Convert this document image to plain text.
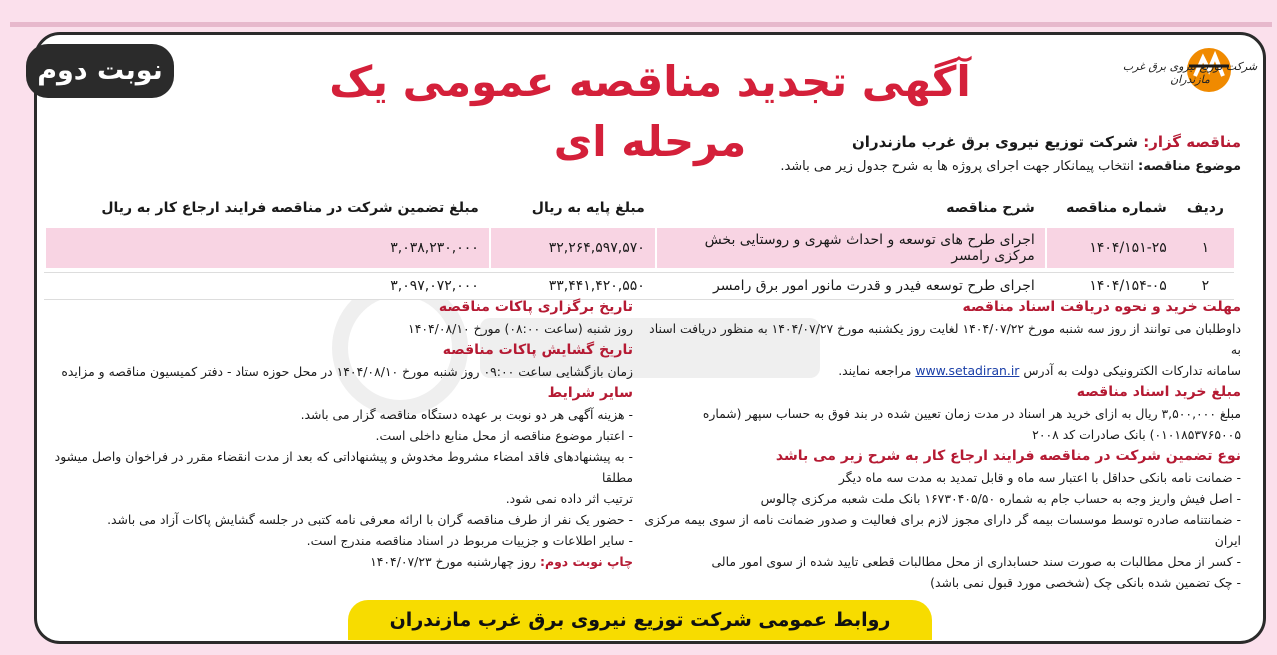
نوبت دوم	آگهی تجدید مناقصه عمومی یک مرحله ای
شرکت توزیع نیروی برق غرب مازندران
مناقصه گزار: شرکت توزیع نیروی برق غرب مازندران
موضوع مناقصه: انتخاب پیمانکار جهت اجرای پروژه ها به شرح جدول زیر می باشد.
ردیف	شماره مناقصه	شرح مناقصه	مبلغ پایه به ریال	مبلغ تضمین شرکت در مناقصه فرایند ارجاع کار به ریال
۱	۱۴۰۴/۱۵۱-۲۵	اجرای طرح های توسعه و احداث شهری و روستایی بخش مرکزی رامسر	۳۲,۲۶۴,۵۹۷,۵۷۰	۳,۰۳۸,۲۳۰,۰۰۰
۲	۱۴۰۴/۱۵۴-۰۵	اجرای طرح توسعه فیدر و قدرت مانور امور برق رامسر	۳۳,۴۴۱,۴۲۰,۵۵۰	۳,۰۹۷,۰۷۲,۰۰۰
مهلت خرید و نحوه دریافت اسناد مناقصه
داوطلبان می توانند از روز سه شنبه مورخ ۱۴۰۴/۰۷/۲۲ لغایت روز یکشنبه مورخ ۱۴۰۴/۰۷/۲۷ به منظور دریافت اسناد به
سامانه تدارکات الکترونیکی دولت به آدرس www.setadiran.ir مراجعه نمایند.
مبلغ خرید اسناد مناقصه
مبلغ ۳,۵۰۰,۰۰۰ ریال به ازای خرید هر اسناد در مدت زمان تعیین شده در بند فوق به حساب سپهر (شماره
۰۱۰۱۸۵۳۷۶۵۰۰۵) بانک صادرات کد ۲۰۰۸
نوع تضمین شرکت در مناقصه فرایند ارجاع کار به شرح زیر می باشد
- ضمانت نامه بانکی حداقل با اعتبار سه ماه و قابل تمدید به مدت سه ماه دیگر
- اصل فیش واریز وجه به حساب جام به شماره ۱۶۷۳۰۴۰۵/۵۰ بانک ملت شعبه مرکزی چالوس
- ضمانتنامه صادره توسط موسسات بیمه گر دارای مجوز لازم برای فعالیت و صدور ضمانت نامه از سوی بیمه مرکزی ایران
- کسر از محل مطالبات به صورت سند حسابداری از محل مطالبات قطعی تایید شده از سوی امور مالی
- چک تضمین شده بانکی چک (شخصی مورد قبول نمی باشد)
تاریخ برگزاری پاکات مناقصه
روز شنبه (ساعت ۰۸:۰۰) مورخ ۱۴۰۴/۰۸/۱۰
تاریخ گشایش پاکات مناقصه
زمان بازگشایی ساعت ۰۹:۰۰ روز شنبه مورخ ۱۴۰۴/۰۸/۱۰ در محل حوزه ستاد - دفتر کمیسیون مناقصه و مزایده
سایر شرایط
- هزینه آگهی هر دو نوبت بر عهده دستگاه مناقصه گزار می باشد.
- اعتبار موضوع مناقصه از محل منابع داخلی است.
- به پیشنهادهای فاقد امضاء مشروط مخدوش و پیشنهاداتی که بعد از مدت انقضاء مقرر در فراخوان واصل میشود مطلقا
ترتیب اثر داده نمی شود.
- حضور یک نفر از طرف مناقصه گران با ارائه معرفی نامه کتبی در جلسه گشایش پاکات آزاد می باشد.
- سایر اطلاعات و جزییات مربوط در اسناد مناقصه مندرج است.
چاپ نوبت دوم: روز چهارشنبه مورخ ۱۴۰۴/۰۷/۲۳
روابط عمومی شرکت توزیع نیروی برق غرب مازندران
